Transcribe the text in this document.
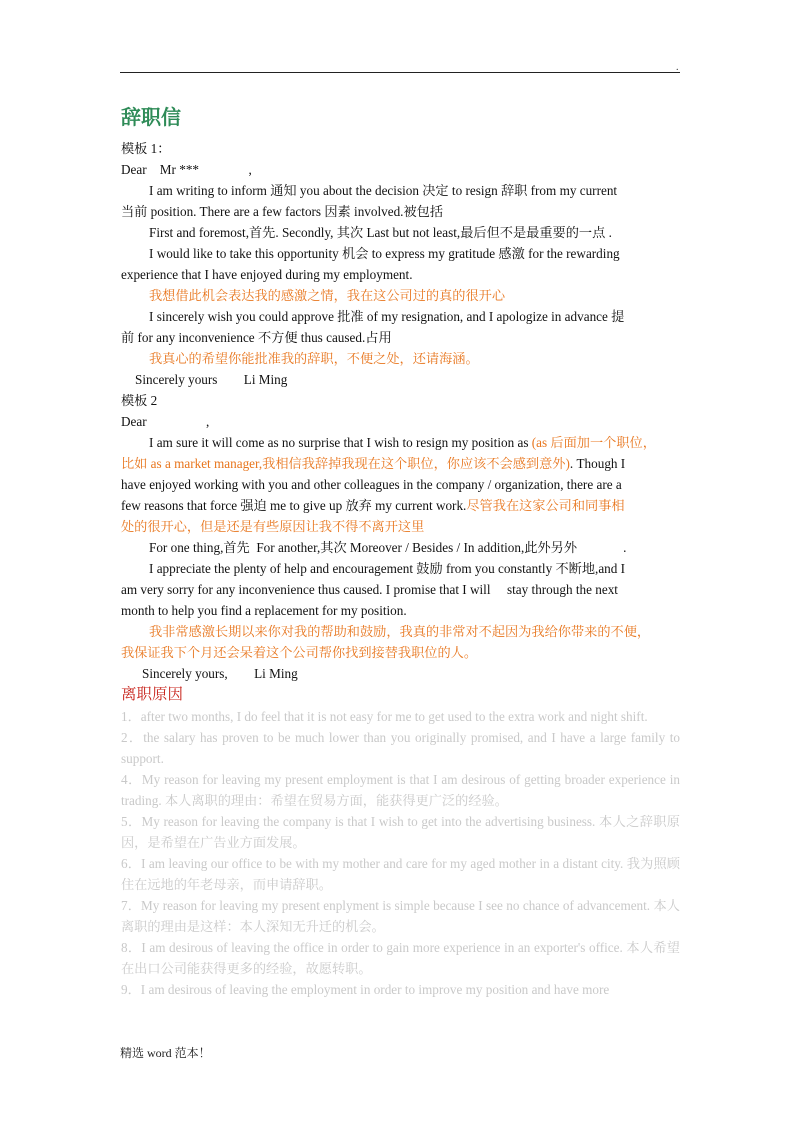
.
辞职信

模板 1：

Dear    Mr ***               ,

I am writing to inform 通知 you about the decision 决定 to resign 辞职 from my current

当前 position. There are a few factors 因素 involved.被包括

First and foremost,首先. Secondly, 其次 Last but not least,最后但不是最重要的一点 .

I would like to take this opportunity 机会 to express my gratitude 感激 for the rewarding

experience that I have enjoyed during my employment.

我想借此机会表达我的感激之情，我在这公司过的真的很开心

I sincerely wish you could approve 批准 of my resignation, and I apologize in advance 提

前 for any inconvenience 不方便 thus caused.占用

我真心的希望你能批准我的辞职，不便之处，还请海涵。

Sincerely yours        Li Ming

模板 2

Dear                  ,

I am sure it will come as no surprise that I wish to resign my position as (as 后面加一个职位，

比如 as a market manager,我相信我辞掉我现在这个职位，你应该不会感到意外). Though I

have enjoyed working with you and other colleagues in the company / organization, there are a

few reasons that force 强迫 me to give up 放弃 my current work.尽管我在这家公司和同事相

处的很开心，但是还是有些原因让我不得不离开这里

For one thing,首先  For another,其次 Moreover / Besides / In addition,此外另外              .

I appreciate the plenty of help and encouragement 鼓励 from you constantly 不断地,and I

am very sorry for any inconvenience thus caused. I promise that I will     stay through the next

month to help you find a replacement for my position.

我非常感激长期以来你对我的帮助和鼓励，我真的非常对不起因为我给你带来的不便，

我保证我下个月还会呆着这个公司帮你找到接替我职位的人。

Sincerely yours,        Li Ming

离职原因

1．after two months, I do feel that it is not easy for me to get used to the extra work and night shift.

2．the salary has proven to be much lower than you originally promised, and I have a large family to support.

4．My reason for leaving my present employment is that I am desirous of getting broader experience in trading. 本人离职的理由：希望在贸易方面，能获得更广泛的经验。

5．My reason for leaving the company is that I wish to get into the advertising business. 本人之辞职原因，是希望在广告业方面发展。

6．I am leaving our office to be with my mother and care for my aged mother in a distant city. 我为照顾住在远地的年老母亲，而申请辞职。

7．My reason for leaving my present enplyment is simple because I see no chance of advancement. 本人离职的理由是这样：本人深知无升迁的机会。

8．I am desirous of leaving the office in order to gain more experience in an exporter's office. 本人希望在出口公司能获得更多的经验，故愿转职。

9．I am desirous of leaving the employment in order to improve my position and have more

精选 word 范本！
